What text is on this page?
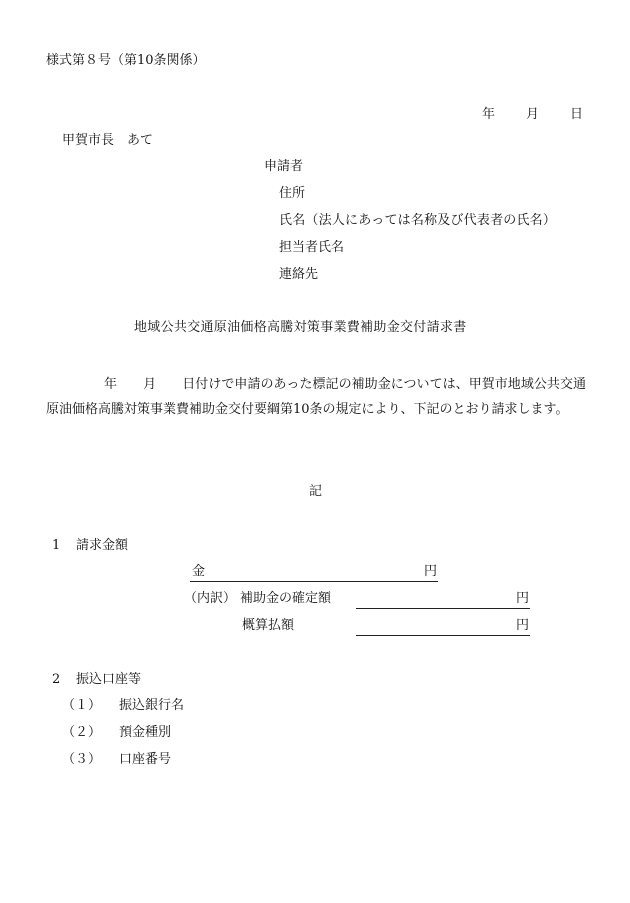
様式第８号（第10条関係）
年 月 日
甲賀市長　あて
申請者
住所
氏名（法人にあっては名称及び代表者の氏名）
担当者氏名
連絡先
地域公共交通原油価格高騰対策事業費補助金交付請求書
年　　月　　日付けで申請のあった標記の補助金については、甲賀市地域公共交通原油価格高騰対策事業費補助金交付要綱第10条の規定により、下記のとおり請求します。
記
1 請求金額
金	円
（内訳） 補助金の確定額	円
概算払額	円
2 振込口座等
（１） 振込銀行名
（２） 預金種別
（３） 口座番号
